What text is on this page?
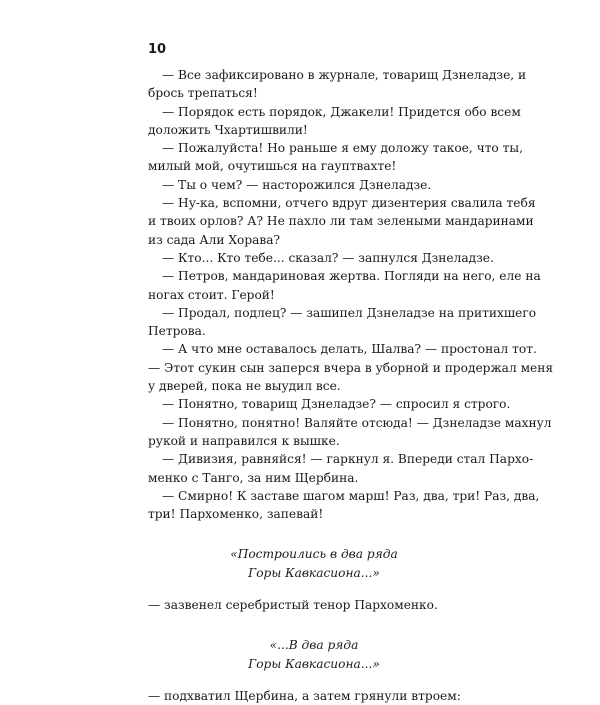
10

— Все зафиксировано в журнале, товарищ Дзнеладзе, и
брось трепаться!

— Порядок есть порядок, Джакели! Придется обо всем
доложить Чхартишвили!

— Пожалуйста! Но раньше я ему доложу такое, что ты,
милый мой, очутишься на гауптвахте!

— Ты о чем? — насторожился Дзнеладзе.

— Ну-ка, вспомни, отчего вдруг дизентерия свалила тебя
и твоих орлов? А? Не пахло ли там зелеными мандаринами
из сада Али Хорава?

— Кто... Кто тебе... сказал? — запнулся Дзнеладзе.

— Петров, мандариновая жертва. Погляди на него, еле на
ногах стоит. Герой!

— Продал, подлец? — зашипел Дзнеладзе на притихшего
Петрова.

— А что мне оставалось делать, Шалва? — простонал тот.
— Этот сукин сын заперся вчера в уборной и продержал меня
у дверей, пока не выудил все.

— Понятно, товарищ Дзнеладзе? — спросил я строго.

— Понятно, понятно! Валяйте отсюда! — Дзнеладзе махнул
рукой и направился к вышке.

— Дивизия, равняйся! — гаркнул я. Впереди стал Пархо-
менко с Танго, за ним Щербина.

— Смирно! К заставе шагом марш! Раз, два, три! Раз, два,
три! Пархоменко, запевай!

«Построились в два ряда
Горы Кавкасиона...»

— зазвенел серебристый тенор Пархоменко.

«...В два ряда
Горы Кавкасиона...»

— подхватил Щербина, а затем грянули втроем:
